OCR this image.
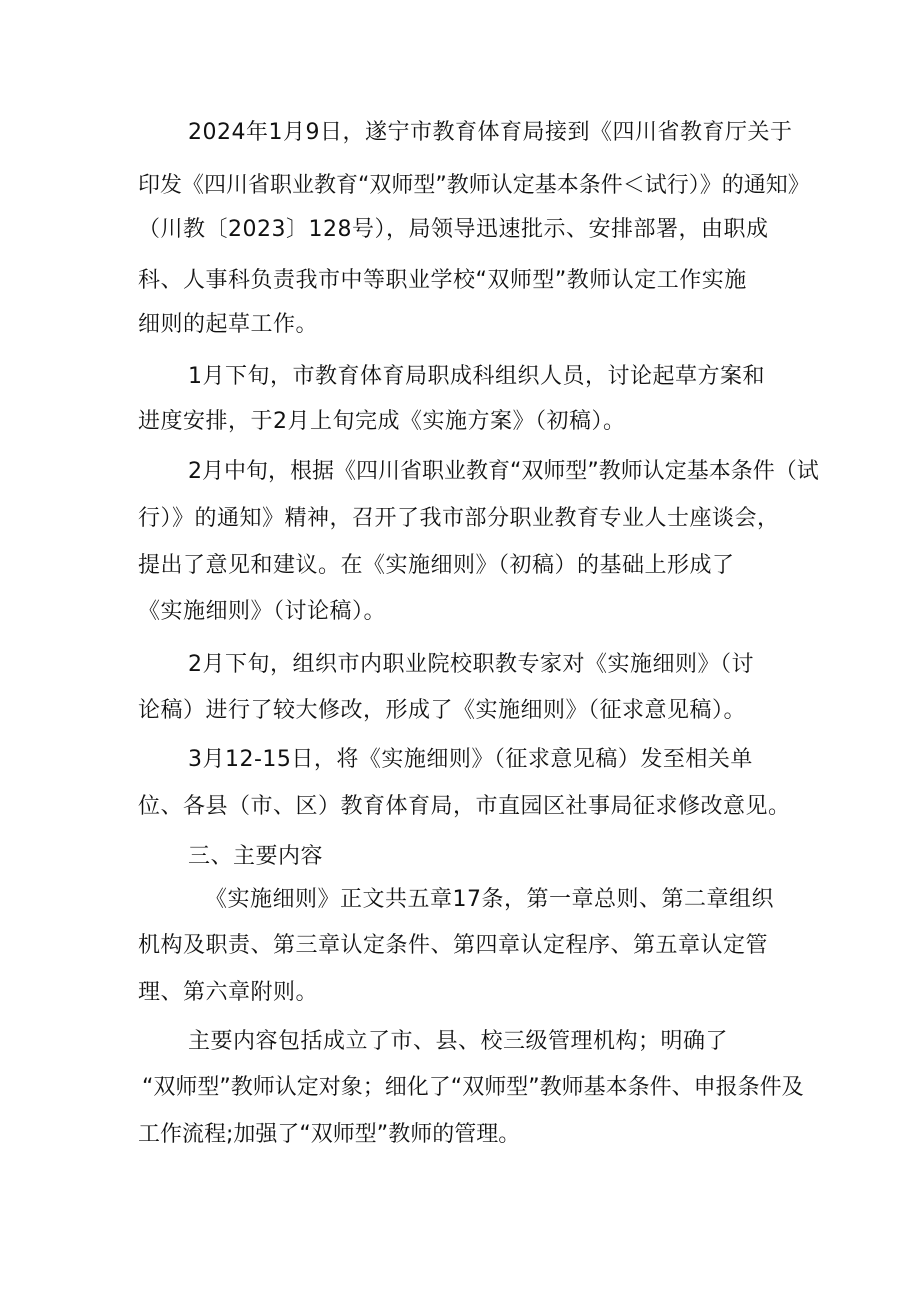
2024年1月9日，遂宁市教育体育局接到《四川省教育厅关于
印发《四川省职业教育“双师型”教师认定基本条件＜试行）》的通知》
（川教〔2023〕128号），局领导迅速批示、安排部署，由职成
科、人事科负责我市中等职业学校“双师型”教师认定工作实施
细则的起草工作。
1月下旬，市教育体育局职成科组织人员，讨论起草方案和
进度安排，于2月上旬完成《实施方案》（初稿）。
2月中旬，根据《四川省职业教育“双师型”教师认定基本条件（试
行）》的通知》精神，召开了我市部分职业教育专业人士座谈会，
提出了意见和建议。在《实施细则》（初稿）的基础上形成了
《实施细则》（讨论稿）。
2月下旬，组织市内职业院校职教专家对《实施细则》（讨
论稿）进行了较大修改，形成了《实施细则》（征求意见稿）。
3月12-15日，将《实施细则》（征求意见稿）发至相关单
位、各县（市、区）教育体育局，市直园区社事局征求修改意见。
三、主要内容
《实施细则》正文共五章17条，第一章总则、第二章组织
机构及职责、第三章认定条件、第四章认定程序、第五章认定管
理、第六章附则。
主要内容包括成立了市、县、校三级管理机构；明确了
“双师型”教师认定对象；细化了“双师型”教师基本条件、申报条件及
工作流程;加强了“双师型”教师的管理。
